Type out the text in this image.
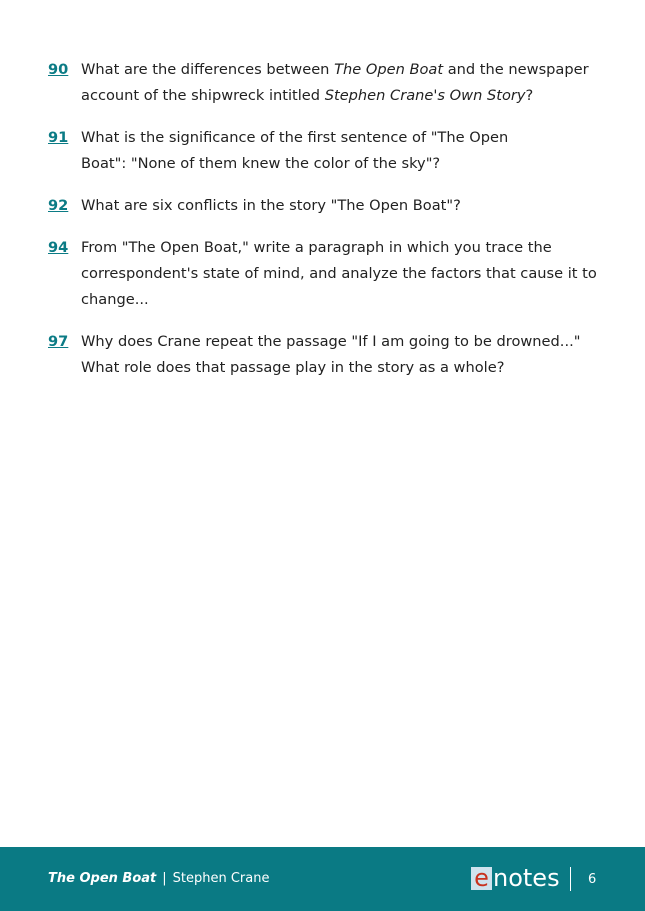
90 What are the differences between The Open Boat and the newspaper account of the shipwreck intitled Stephen Crane's Own Story?
91 What is the significance of the first sentence of "The Open Boat": "None of them knew the color of the sky"?
92 What are six conflicts in the story "The Open Boat"?
94 From "The Open Boat," write a paragraph in which you trace the correspondent's state of mind, and analyze the factors that cause it to change...
97 Why does Crane repeat the passage "If I am going to be drowned..." What role does that passage play in the story as a whole?
The Open Boat | Stephen Crane	e notes 6
